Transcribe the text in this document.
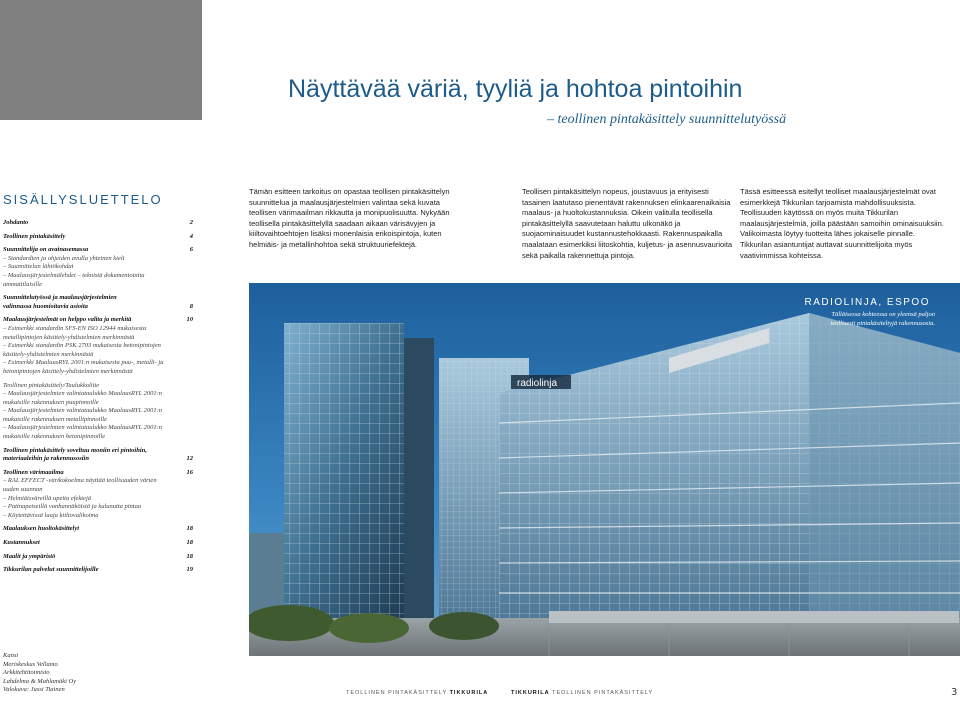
SISÄLLYSLUETTELO
Johdanto	2
Teollinen pintakäsittely	4
Suunnittelija on avainasemassa	6
– Standardien ja ohjeiden avulla yhteinen kieli
– Suunnittelun lähtökohdat
– Maalausjärjestelmälehdet – teknistä dokumentointia
ammattilaisille
Suunnittelutyössä ja maalausjärjestelmien
valinnassa huomioitavia asioita	8
Maalausjärjestelmät on helppo valita ja merkitä	10
– Esimerkki standardin SFS-EN ISO 12944 mukaisesta
metallipintojen käsittely-yhdistelmien merkinnästä
– Esimerkki standardin PSK 2703 mukaisesta betonipintojen
käsittely-yhdistelmien merkinnästä
– Esimerkki MaalausRYL 2001:n mukaisesta puu-, metalli- ja
betonipintojen käsittely-yhdistelmien merkinnästä
Teollinen pintakäsittely/Taulukkoliite
– Maalausjärjestelmien valintataulukko MaalausRYL 2001:n
mukaisille rakennuksen puupinnoille
– Maalausjärjestelmien valintataulukko MaalausRYL 2001:n
mukaisille rakennuksen metallipinnoille
– Maalausjärjestelmien valintataulukko MaalausRYL 2001:n
mukaisille rakennuksen betonipinnoille
Teollinen pintakäsittely soveltuu moniin eri pintoihin,
materiaaleihin ja rakennusosiin	12
Teollinen värimaailma	16
– RAL EFFECT -värikokoelma näyttää teollisuuden värien
uuden suunnan
– Helmiäisväreillä upeita efektejä
– Patinapetseillä vanhannäköistä ja kulunutta pintaa
– Käytettävissä laaja kiiltovalikoima
Maalauksen huoltokäsittelyt	18
Kustannukset	18
Maalit ja ympäristö	18
Tikkurilan palvelut suunnittelijoille	19
Kansi
Meriskeskus Vellamo
Arkkitehtitoimisto
Lahdelma & Mahlamäki Oy
Valokuva: Jussi Tiainen
Näyttävää väriä, tyyliä ja hohtoa pintoihin
– teollinen pintakäsittely suunnittelutyössä
Tämän esitteen tarkoitus on opastaa teollisen pintakäsittelyn suunnittelua ja maalausjärjestelmien valintaa sekä kuvata teollisen värimaailman rikkautta ja monipuolisuutta. Nykyään teollisella pintakäsittelyllä saadaan aikaan värisävyjen ja kiiltovaihtoehtojen lisäksi monenlaisia erikoispintoja, kuten helmiäis- ja metallinhohtoa sekä struktuuriefektejä.
Teollisen pintakäsittelyn nopeus, joustavuus ja erityisesti tasainen laatutaso pienentävät rakennuksen elinkaarenaikaisia maalaus- ja huoltokustannuksia. Oikein valitulla teollisella pintakäsittelyllä saavutetaan haluttu ulkonäkö ja suojaominaisuudet kustannustehokkaasti. Rakennuspaikalla maalataan esimerkiksi liitoskohtia, kuljetus- ja asennusvaurioita sekä paikalla rakennettuja pintoja.
Tässä esitteessä esitellyt teolliset maalausjärjestelmät ovat esimerkkejä Tikkurilan tarjoamista mahdollisuuksista. Teollisuuden käytössä on myös muita Tikkurilan maalausjärjestelmiä, joilla päästään samoihin ominaisuuksiin. Valikoimasta löytyy tuotteita lähes jokaiselle pinnalle. Tikkurilan asiantuntijat auttavat suunnittelijoita myös vaativimmissa kohteissa.
radiolinja
Valokuva: Voitto Niemelä	RADIOLINJA, ESPOO
Tälläisessa kohteessa on yleensä paljon teollisesti pintakäsiteltyjä rakennusosia.
TEOLLINEN PINTAKÄSITTELY TIKKURILA	TIKKURILA TEOLLINEN PINTAKÄSITTELY	3
